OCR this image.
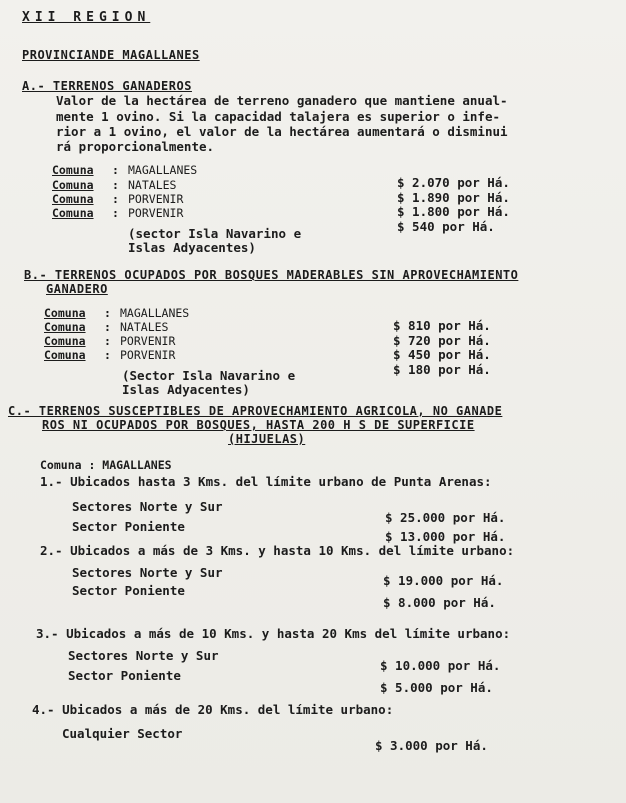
XII REGION
PROVINCIANDE MAGALLANES
A.- TERRENOS GANADEROS
Valor de la hectárea de terreno ganadero que mantiene anual-
mente 1 ovino. Si la capacidad talajera es superior o infe-
rior a 1 ovino, el valor de la hectárea aumentará o disminui
rá proporcionalmente.
Comuna : MAGALLANES
$ 2.070 por Há.
Comuna : NATALES
$ 1.890 por Há.
Comuna : PORVENIR
$ 1.800 por Há.
Comuna : PORVENIR
$ 540 por Há.
(sector Isla Navarino e
Islas Adyacentes)
B.- TERRENOS OCUPADOS POR BOSQUES MADERABLES SIN APROVECHAMIENTO
GANADERO
Comuna : MAGALLANES
$ 810 por Há.
Comuna : NATALES
$ 720 por Há.
Comuna : PORVENIR
$ 450 por Há.
Comuna : PORVENIR
$ 180 por Há.
(Sector Isla Navarino e
Islas Adyacentes)
C.- TERRENOS SUSCEPTIBLES DE APROVECHAMIENTO AGRICOLA, NO GANADE
ROS NI OCUPADOS POR BOSQUES, HASTA 200 H S DE SUPERFICIE
(HIJUELAS)
Comuna : MAGALLANES
1.- Ubicados hasta 3 Kms. del límite urbano de Punta Arenas:
Sectores Norte y Sur
$ 25.000 por Há.
Sector Poniente
$ 13.000 por Há.
2.- Ubicados a más de 3 Kms. y hasta 10 Kms. del límite urbano:
Sectores Norte y Sur
$ 19.000 por Há.
Sector Poniente
$ 8.000 por Há.
3.- Ubicados a más de 10 Kms. y hasta 20 Kms del límite urbano:
Sectores Norte y Sur
$ 10.000 por Há.
Sector Poniente
$ 5.000 por Há.
4.- Ubicados a más de 20 Kms. del límite urbano:
Cualquier Sector
$ 3.000 por Há.
